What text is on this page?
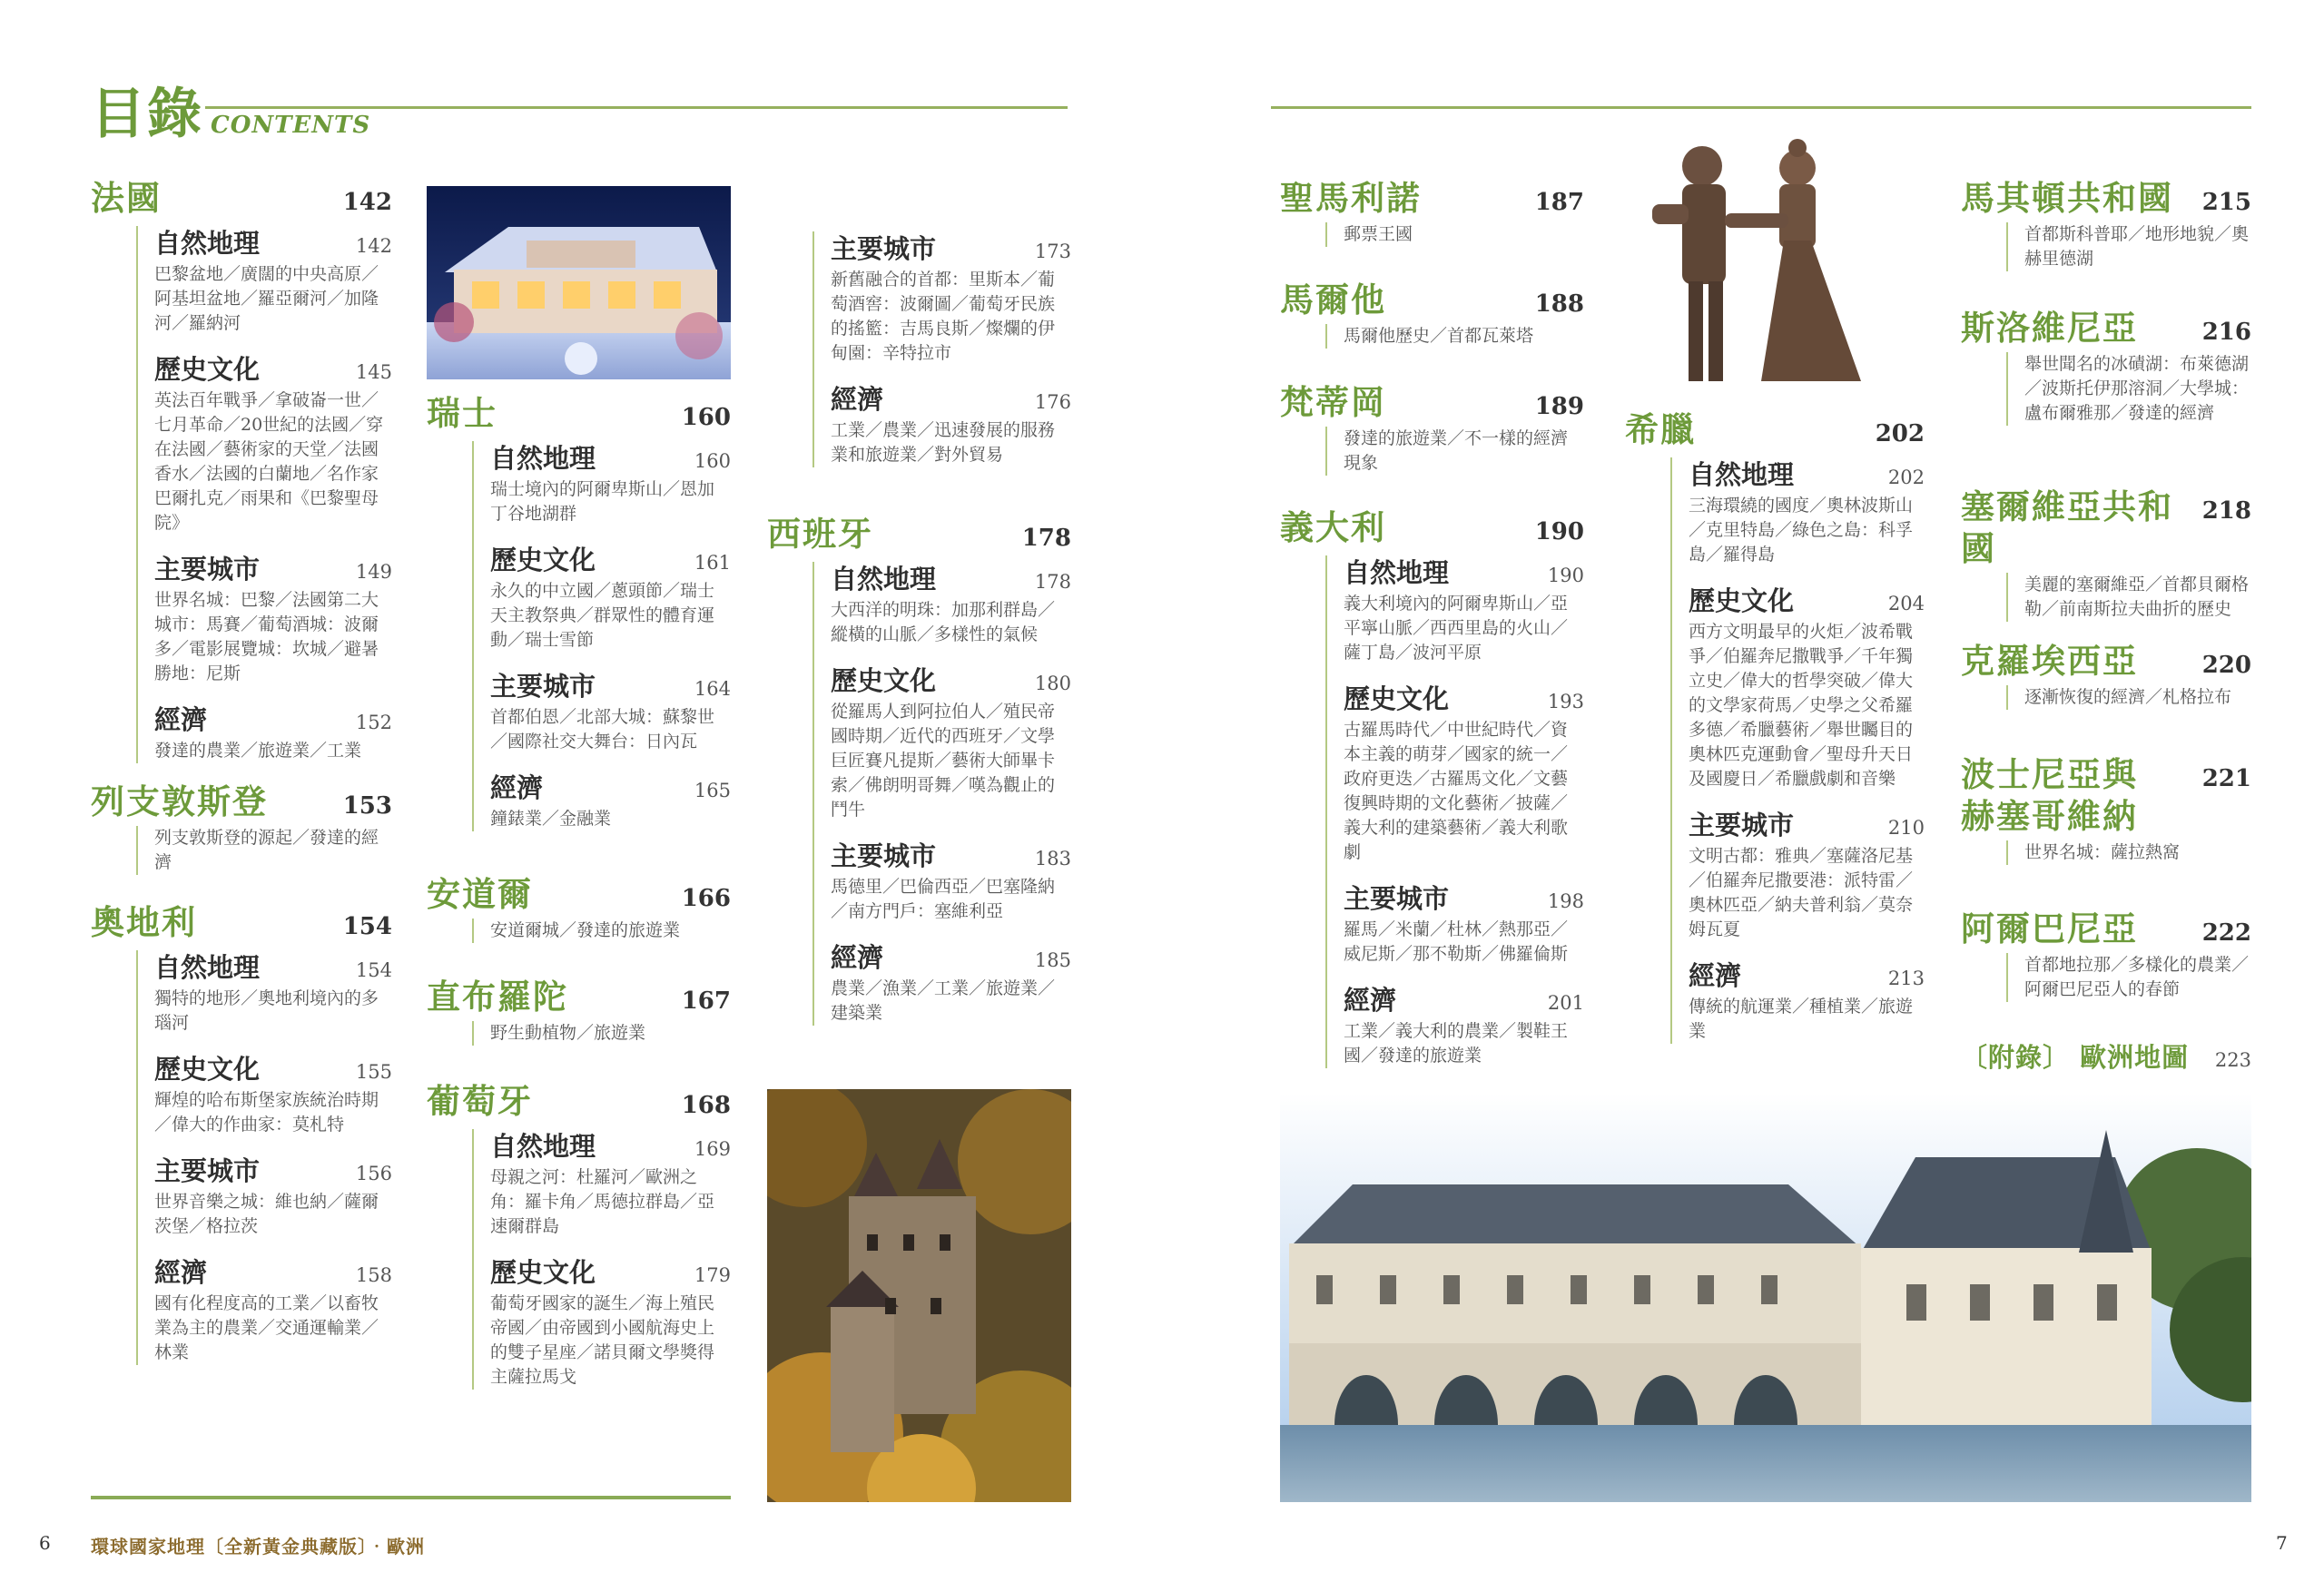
目錄 CONTENTS
法國	142
自然地理	142
巴黎盆地／廣闊的中央高原／阿基坦盆地／羅亞爾河／加隆河／羅納河
歷史文化	145
英法百年戰爭／拿破崙一世／七月革命／20世紀的法國／穿在法國／藝術家的天堂／法國香水／法國的白蘭地／名作家巴爾扎克／雨果和《巴黎聖母院》
主要城市	149
世界名城：巴黎／法國第二大城市：馬賽／葡萄酒城：波爾多／電影展覽城：坎城／避暑勝地：尼斯
經濟	152
發達的農業／旅遊業／工業
列支敦斯登	153
列支敦斯登的源起／發達的經濟
奧地利	154
自然地理	154
獨特的地形／奧地利境內的多瑙河
歷史文化	155
輝煌的哈布斯堡家族統治時期／偉大的作曲家：莫札特
主要城市	156
世界音樂之城：維也納／薩爾茨堡／格拉茨
經濟	158
國有化程度高的工業／以畜牧業為主的農業／交通運輸業／林業
瑞士	160
自然地理	160
瑞士境內的阿爾卑斯山／恩加丁谷地湖群
歷史文化	161
永久的中立國／蔥頭節／瑞士天主教祭典／群眾性的體育運動／瑞士雪節
主要城市	164
首都伯恩／北部大城：蘇黎世／國際社交大舞台：日內瓦
經濟	165
鐘錶業／金融業
安道爾	166
安道爾城／發達的旅遊業
直布羅陀	167
野生動植物／旅遊業
葡萄牙	168
自然地理	169
母親之河：杜羅河／歐洲之角：羅卡角／馬德拉群島／亞速爾群島
歷史文化	179
葡萄牙國家的誕生／海上殖民帝國／由帝國到小國航海史上的雙子星座／諾貝爾文學獎得主薩拉馬戈
主要城市	173
新舊融合的首都：里斯本／葡萄酒窖：波爾圖／葡萄牙民族的搖籃：吉馬良斯／燦爛的伊甸園：辛特拉市
經濟	176
工業／農業／迅速發展的服務業和旅遊業／對外貿易
西班牙	178
自然地理	178
大西洋的明珠：加那利群島／縱橫的山脈／多樣性的氣候
歷史文化	180
從羅馬人到阿拉伯人／殖民帝國時期／近代的西班牙／文學巨匠賽凡提斯／藝術大師畢卡索／佛朗明哥舞／嘆為觀止的鬥牛
主要城市	183
馬德里／巴倫西亞／巴塞隆納／南方門戶：塞維利亞
經濟	185
農業／漁業／工業／旅遊業／建築業
6 環球國家地理〔全新黃金典藏版〕‧歐洲
聖馬利諾	187
郵票王國
馬爾他	188
馬爾他歷史／首都瓦萊塔
梵蒂岡	189
發達的旅遊業／不一樣的經濟現象
義大利	190
自然地理	190
義大利境內的阿爾卑斯山／亞平寧山脈／西西里島的火山／薩丁島／波河平原
歷史文化	193
古羅馬時代／中世紀時代／資本主義的萌芽／國家的統一／政府更迭／古羅馬文化／文藝復興時期的文化藝術／披薩／義大利的建築藝術／義大利歌劇
主要城市	198
羅馬／米蘭／杜林／熱那亞／威尼斯／那不勒斯／佛羅倫斯
經濟	201
工業／義大利的農業／製鞋王國／發達的旅遊業
希臘	202
自然地理	202
三海環繞的國度／奧林波斯山／克里特島／綠色之島：科孚島／羅得島
歷史文化	204
西方文明最早的火炬／波希戰爭／伯羅奔尼撒戰爭／千年獨立史／偉大的哲學突破／偉大的文學家荷馬／史學之父希羅多德／希臘藝術／舉世矚目的奧林匹克運動會／聖母升天日及國慶日／希臘戲劇和音樂
主要城市	210
文明古都：雅典／塞薩洛尼基／伯羅奔尼撒要港：派特雷／奧林匹亞／納夫普利翁／莫奈姆瓦夏
經濟	213
傳統的航運業／種植業／旅遊業
馬其頓共和國 215
首都斯科普耶／地形地貌／奧赫里德湖
斯洛維尼亞	216
舉世聞名的冰磧湖：布萊德湖／波斯托伊那溶洞／大學城：盧布爾雅那／發達的經濟
塞爾維亞共和國
218
美麗的塞爾維亞／首都貝爾格勒／前南斯拉夫曲折的歷史
克羅埃西亞	220
逐漸恢復的經濟／札格拉布
波士尼亞與	221
赫塞哥維納
世界名城：薩拉熱窩
阿爾巴尼亞	222
首都地拉那／多樣化的農業／阿爾巴尼亞人的春節
〔附錄〕 歐洲地圖 223
7
